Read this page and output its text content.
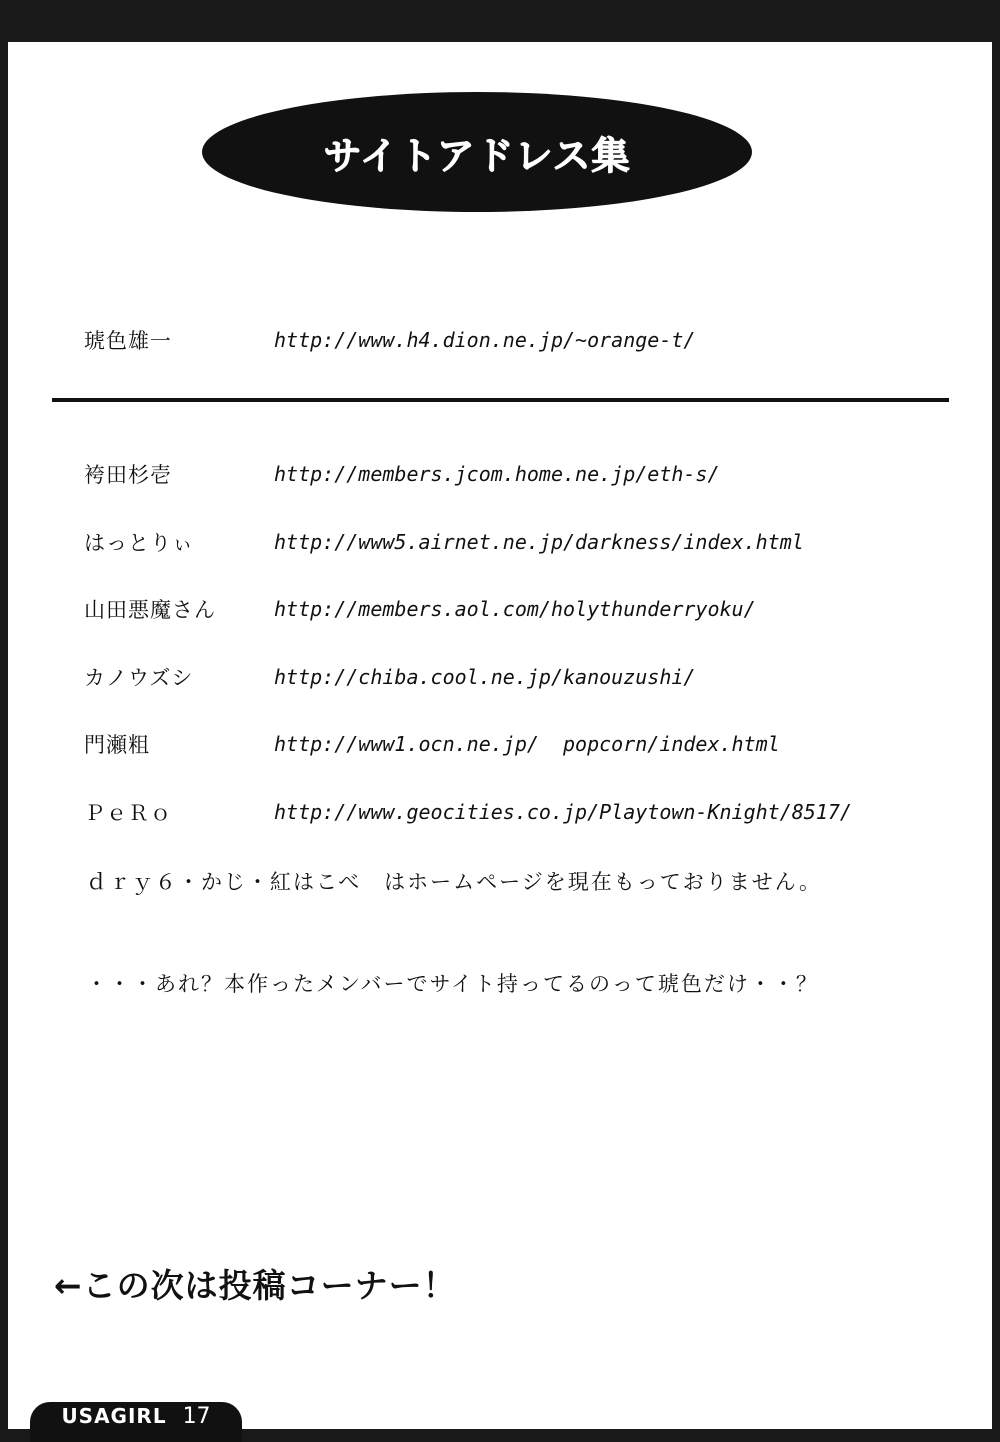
サイトアドレス集
琥色雄一	http://www.h4.dion.ne.jp/~orange-t/
袴田杉壱	http://members.jcom.home.ne.jp/eth-s/
はっとりぃ	http://www5.airnet.ne.jp/darkness/index.html
山田悪魔さん	http://members.aol.com/holythunderryoku/
カノウズシ	http://chiba.cool.ne.jp/kanouzushi/
門瀬粗	http://www1.ocn.ne.jp/  popcorn/index.html
ＰｅＲｏ	http://www.geocities.co.jp/Playtown-Knight/8517/
ｄｒｙ６・かじ・紅はこべ　はホームページを現在もっておりません。
・・・あれ？本作ったメンバーでサイト持ってるのって琥色だけ・・？
←この次は投稿コーナー！
USAGIRL 17
